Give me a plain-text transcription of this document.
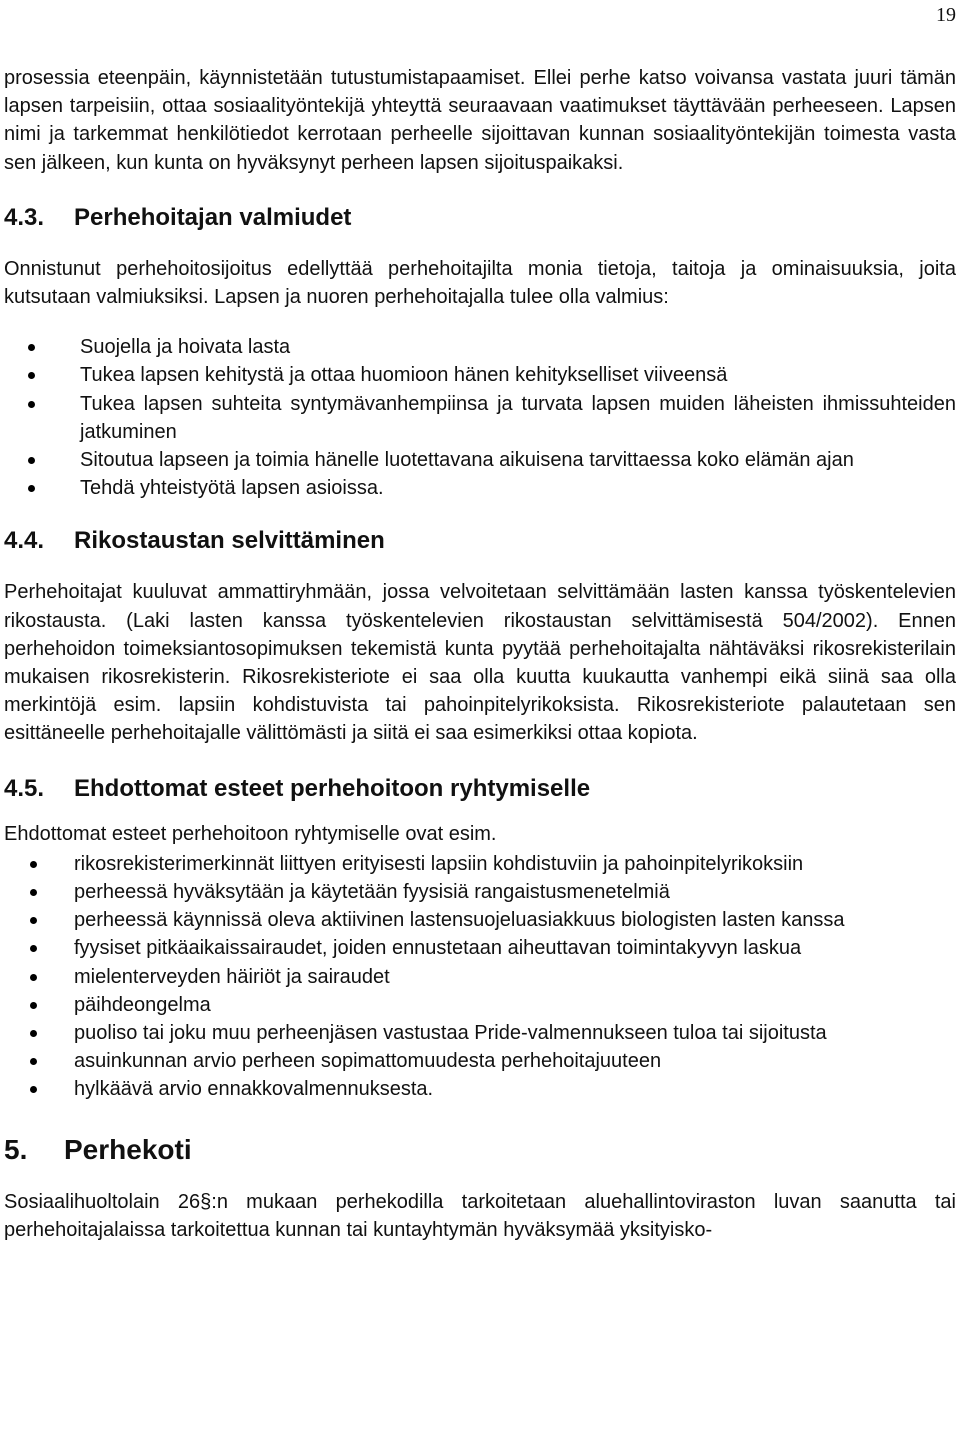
19

prosessia eteenpäin, käynnistetään tutustumistapaamiset. Ellei perhe katso voivansa vastata juuri tämän lapsen tarpeisiin, ottaa sosiaalityöntekijä yhteyttä seuraavaan vaatimukset täyttävään perheeseen. Lapsen nimi ja tarkemmat henkilötiedot kerrotaan perheelle sijoittavan kunnan sosiaalityöntekijän toimesta vasta sen jälkeen, kun kunta on hyväksynyt perheen lapsen sijoituspaikaksi.

4.3. Perhehoitajan valmiudet

Onnistunut perhehoitosijoitus edellyttää perhehoitajilta monia tietoja, taitoja ja ominaisuuksia, joita kutsutaan valmiuksiksi. Lapsen ja nuoren perhehoitajalla tulee olla valmius:

Suojella ja hoivata lasta
Tukea lapsen kehitystä ja ottaa huomioon hänen kehitykselliset viiveensä
Tukea lapsen suhteita syntymävanhempiinsa ja turvata lapsen muiden läheisten ihmissuhteiden jatkuminen
Sitoutua lapseen ja toimia hänelle luotettavana aikuisena tarvittaessa koko elämän ajan
Tehdä yhteistyötä lapsen asioissa.
4.4. Rikostaustan selvittäminen

Perhehoitajat kuuluvat ammattiryhmään, jossa velvoitetaan selvittämään lasten kanssa työskentelevien rikostausta. (Laki lasten kanssa työskentelevien rikostaustan selvittämisestä 504/2002). Ennen perhehoidon toimeksiantosopimuksen tekemistä kunta pyytää perhehoitajalta nähtäväksi rikosrekisterilain mukaisen rikosrekisterin. Rikosrekisteriote ei saa olla kuutta kuukautta vanhempi eikä siinä saa olla merkintöjä esim. lapsiin kohdistuvista tai pahoinpitelyrikoksista. Rikosrekisteriote palautetaan sen esittäneelle perhehoitajalle välittömästi ja siitä ei saa esimerkiksi ottaa kopiota.

4.5. Ehdottomat esteet perhehoitoon ryhtymiselle

Ehdottomat esteet perhehoitoon ryhtymiselle ovat esim.

rikosrekisterimerkinnät liittyen erityisesti lapsiin kohdistuviin ja pahoinpitelyrikoksiin
perheessä hyväksytään ja käytetään fyysisiä rangaistusmenetelmiä
perheessä käynnissä oleva aktiivinen lastensuojeluasiakkuus biologisten lasten kanssa
fyysiset pitkäaikaissairaudet, joiden ennustetaan aiheuttavan toimintakyvyn laskua
mielenterveyden häiriöt ja sairaudet
päihdeongelma
puoliso tai joku muu perheenjäsen vastustaa Pride-valmennukseen tuloa tai sijoitusta
asuinkunnan arvio perheen sopimattomuudesta perhehoitajuuteen
hylkäävä arvio ennakkovalmennuksesta.
5. Perhekoti

Sosiaalihuoltolain 26§:n mukaan perhekodilla tarkoitetaan aluehallintoviraston luvan saanutta tai perhehoitajalaissa tarkoitettua kunnan tai kuntayhtymän hyväksymää yksityisko-
